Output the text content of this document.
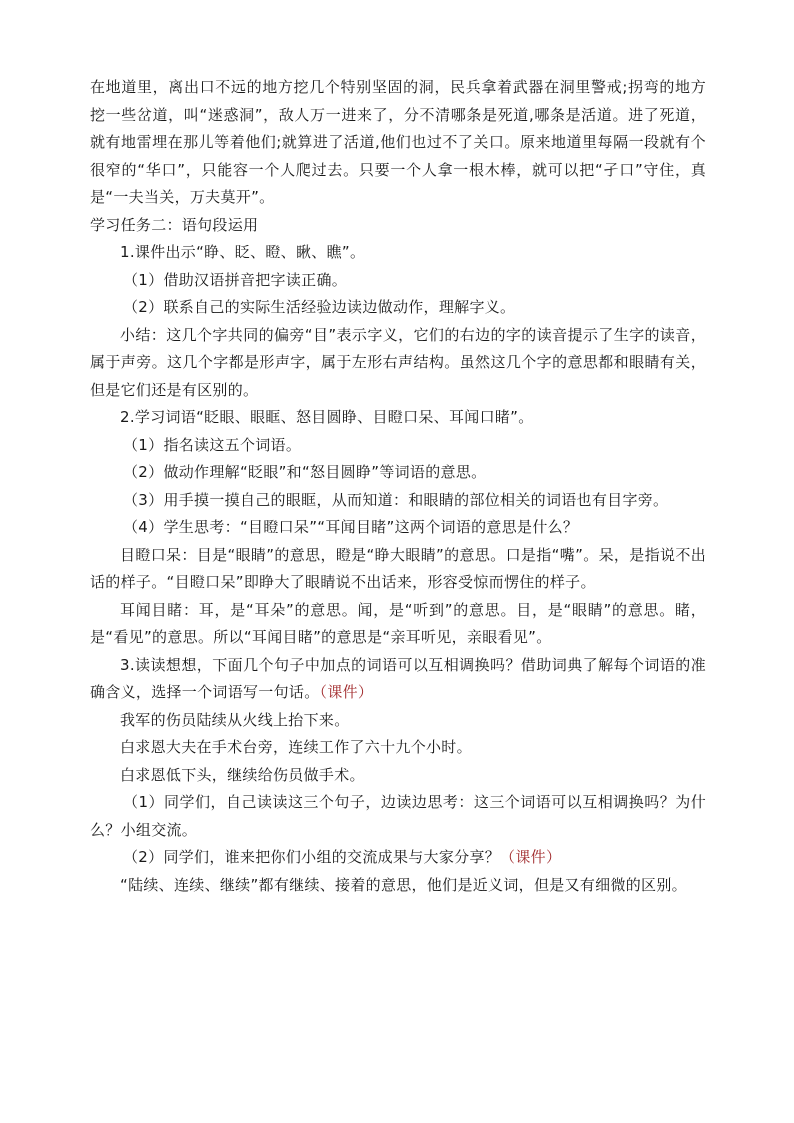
在地道里，离出口不远的地方挖几个特别坚固的洞，民兵拿着武器在洞里警戒;拐弯的地方挖一些岔道，叫“迷惑洞”，敌人万一进来了，分不清哪条是死道,哪条是活道。进了死道，就有地雷埋在那儿等着他们;就算进了活道,他们也过不了关口。原来地道里每隔一段就有个很窄的“华口”，只能容一个人爬过去。只要一个人拿一根木棒，就可以把“孑口”守住，真是“一夫当关，万夫莫开”。

学习任务二：语句段运用

1.课件出示“睁、眨、瞪、瞅、瞧”。

（1）借助汉语拼音把字读正确。

（2）联系自己的实际生活经验边读边做动作，理解字义。

小结：这几个字共同的偏旁“目”表示字义，它们的右边的字的读音提示了生字的读音，属于声旁。这几个字都是形声字，属于左形右声结构。虽然这几个字的意思都和眼睛有关，但是它们还是有区别的。

2.学习词语“眨眼、眼眶、怒目圆睁、目瞪口呆、耳闻口睹”。

（1）指名读这五个词语。

（2）做动作理解“眨眼”和“怒目圆睁”等词语的意思。

（3）用手摸一摸自己的眼眶，从而知道：和眼睛的部位相关的词语也有目字旁。

（4）学生思考：“目瞪口呆”“耳闻目睹”这两个词语的意思是什么？

目瞪口呆：目是“眼睛”的意思，瞪是“睁大眼睛”的意思。口是指“嘴”。呆，是指说不出话的样子。“目瞪口呆”即睁大了眼睛说不出话来，形容受惊而愣住的样子。

耳闻目睹：耳，是“耳朵”的意思。闻，是“听到”的意思。目，是“眼睛”的意思。睹，是“看见”的意思。所以“耳闻目睹”的意思是“亲耳听见，亲眼看见”。

3.读读想想，下面几个句子中加点的词语可以互相调换吗？借助词典了解每个词语的准确含义，选择一个词语写一句话。（课件）

我军的伤员陆续从火线上抬下来。

白求恩大夫在手术台旁，连续工作了六十九个小时。

白求恩低下头，继续给伤员做手术。

（1）同学们，自己读读这三个句子，边读边思考：这三个词语可以互相调换吗？为什么？小组交流。

（2）同学们，谁来把你们小组的交流成果与大家分享？（课件）

“陆续、连续、继续”都有继续、接着的意思，他们是近义词，但是又有细微的区别。
